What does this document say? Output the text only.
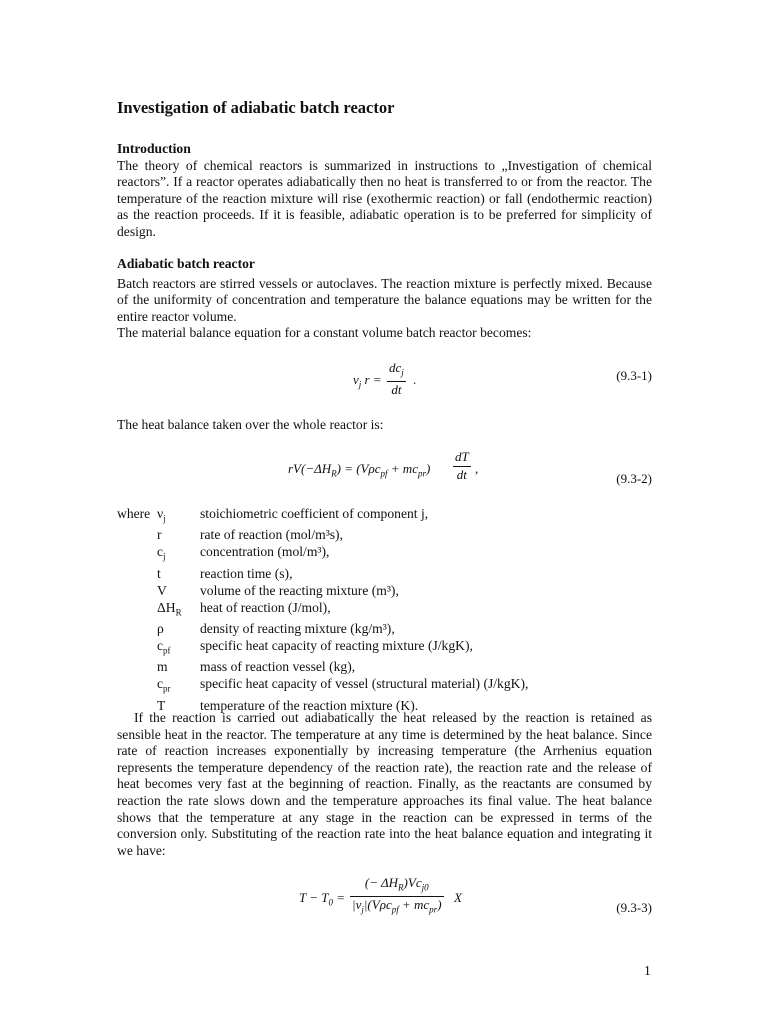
Investigation of adiabatic batch reactor
Introduction

The theory of chemical reactors is summarized in instructions to „Investigation of chemical reactors”. If a reactor operates adiabatically then no heat is transferred to or from the reactor. The temperature of the reaction mixture will rise (exothermic reaction) or fall (endothermic reaction) as the reaction proceeds. If it is feasible, adiabatic operation is to be preferred for simplicity of design.

Adiabatic batch reactor

Batch reactors are stirred vessels or autoclaves. The reaction mixture is perfectly mixed. Because of the uniformity of concentration and temperature the balance equations may be written for the entire reactor volume.

The material balance equation for a constant volume batch reactor becomes:

$\nu_j$ r =
$dc_j$
dt
.	(9.3-1)
The heat balance taken over the whole reactor is:
$rV(-\Delta H_R) = (V\rho c_{pf} + mc_{pr}) \frac{dT}{dt}$ ,
(9.3-2)
where	$\nu_j$	stoichiometric coefficient of component j,
	r	rate of reaction (mol/m³s),
	$c_j$	concentration (mol/m³),
	t	reaction time (s),
	V	volume of the reacting mixture (m³),
	$\Delta H_R$	heat of reaction (J/mol),
	ρ	density of reacting mixture (kg/m³),
	$c_{pf}$	specific heat capacity of reacting mixture (J/kgK),
	m	mass of reaction vessel (kg),
	$c_{pr}$	specific heat capacity of vessel (structural material) (J/kgK),
	T	temperature of the reaction mixture (K).

If the reaction is carried out adiabatically the heat released by the reaction is retained as sensible heat in the reactor. The temperature at any time is determined by the heat balance. Since rate of reaction increases exponentially by increasing temperature (the Arrhenius equation represents the temperature dependency of the reaction rate), the reaction rate and the release of heat becomes very fast at the beginning of reaction. Finally, as the reactants are consumed by reaction the rate slows down and the temperature approaches its final value. The heat balance shows that the temperature at any stage in the reaction can be expressed in terms of the conversion only. Substituting of the reaction rate into the heat balance equation and integrating it we have:

$T - T_0$ =
(− $\Delta H_R)Vc_{j0}$
$|\nu_j|(V\rho c_{pf} + mc_{pr})$ X
(9.3-3)
1
